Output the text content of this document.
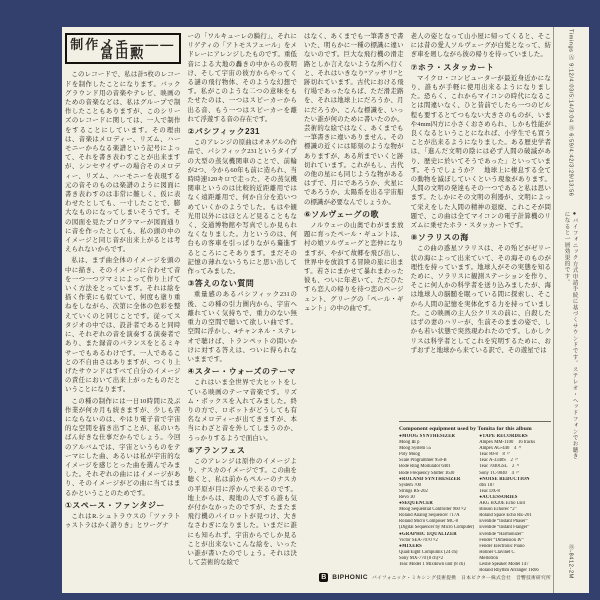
制作メモ———冨田勲

このレコードで、私は計5枚のレコードを制作したことになります。バックグラウンド用の音楽やテレビ、映画のための音楽などは、私はグループで制作したこともありますが、このシリーズのレコードに関しては、一人で制作をすることにしています。その理由は、音楽はメロディー、リズム、ハーモニーからなる楽譜という記号によって、それを書き表わすことが出来ますが、シンセサイザーの場合そのメロディー、リズム、ハーモニーを表現する元の音そのものは楽譜のように図面に書き表わすのは非常に難しく、仮に表わせたとしても、一寸したことで、膨大なものになってしまいそうです。その図面を見たプログラマーが図面通りに音を作ったとしても、私の頭の中のイメージと同じ音が出来上がるとは考えられないからです。

私は、まず曲全体のイメージを頭の中に描き、そのイメージに合わせて音を一つ一つツマミによって作り上げていく方法をとっています。それは絵を描く作業にも似ていて、何度も塗り重ねをしながら、次第に全体の色彩を整えていくのと同じことです。従ってスタジオの中では、設計者であると同時に、それぞれの音を演奏する演奏者であり、また録音のバランスをとるミキサーでもあるわけです。一人であることの不自由さはありますが、つくり上げたサウンドはすべて自分のイメージの責任において出来上がったものだということになります。

この種の制作には一日10時間に及ぶ作業が何カ月も続きますが、少しも苦にならないのは、やはり電子音で宇宙的な空間を描き出すことが、私のいちばん好きな仕事だからでしょう。今回のアルバムでは、宇宙というものをテーマにした曲、あるいは私が宇宙的なイメージを感じとった曲を選んでみました。それぞれの曲にはイメージがあり、そのイメージがどの曲に当てはまるかということのためです。

①スペース・ファンタジー

これはR.シュトラウスの「ツァラトゥストラはかく語りき」とワーグナ

ーの「ワルキューレの騎行」、それにリゲティの「アトモスフェール」をメドレーにアレンジしたものです。重低音による大地の轟きの中からの夜明け、そして宇宙の彼方からやってくる謎の飛行物体、そのような幻想です。私がこのような二つの意味をもたせたのは、一つはスピーカーから出る音、もう一つはスピーカーを離れて浮遊する音の存在です。

②パシフィック231

このアレンジの原曲はオネゲルの作品で、パシフィック231というタイプの大型の蒸気機関車のことで、前輪が2つ、今から60年も前に造られ、当時時速120キロで走った、その蒸気機関車というのは比較的近距離用ではなく遠距離用で、何か自分を追いつめていくかのようでした。もはや観光用以外にはほとんど見ることもなく、交通博物館や写真でしか見られなくなりました。力というのは、何台もの客車を引っぱりながら驀進するところにこそあります。まだその記憶の薄れないうちにと思い出して作ってみました。

③答えのない質問

重量感のあるパシフィック231の後、この種の引力圏内から、宇宙へ離れていく気持ちで、重力のない無重力の空間で聴いて欲しい曲です。空間に浮かし、4チャンネル・ステレオで聴けば、トランペットの問いかけに対する答えは、ついに得られないままです。

④スター・ウォーズのテーマ

これはいま全世界で大ヒットをしている映画のテーマ音楽です。リズム・ボックスを入れてみました。終りの方で、ロボットがどうしても有名なメロディーが出てきますが、本当にわざと音を外してしまうのか、うっかりするようで面白い。

⑤アランフェス

このアレンジは原作のイメージより、ナスカのイメージです。この曲を聴くと、私は前からペルーのナスカの平原が目に浮かんで来るのです。地上からは、現地の人ですら誰も気が付かなかったのですが、たまたま飛行機のパイロットが見つけ、大きなさわぎになりました。いまだに誰にも知られず、宇宙からでしか見ることが出来ないこんな絵を、いったい誰が書いたのでしょう。それは決して芸術的な絵で

はなく、あくまでも一筆書きで書いた、明らかに一種の標識に違いないのです。巨大な飛行機の滑走路としか言えないような所へ行くと、それはいきなり“アッサリ”と跡切れています。古代における飛行場であったならば、ただ滑走路を、それは地球上にだろうか、月にだろうか、こんな標識を、いったい誰が何のために書いたのか。芸術的な絵ではなく、あくまでも一筆書きに違いありません。その標識の近くには彫刻のような物がありますが、ある所までいくと跡切れています。これがもし、古代の他の星にも同じような物があるはずで、月にであろうか、火星にであろうか、太陽系を出る宇宙船の標識が必要なんでしょうか。

⑥ソルヴェーグの歌

ノルウェーの山奥でわがまま放題に育ったペール・ギュントは、村の娘ソルヴェーグと恋仲になりますが、やがて故郷を飛び出し、世界中を放浪する冒険の旅に出ます。若さにまかせて暴れまわった彼も、ついに年老いて、ただひたすら恋人の帰りを待つ恋のページェント、グリーグの「ペール・ギュント」の中の曲です。

老人の姿となって山小屋に帰ってくると、そこには昔の愛人ソルヴェーグが白髪となって、紡ぎ車を廻しながら彼の帰りを待っていました。

⑦ホラ・スタッカート

マイクロ・コンピューターが最近身近かになり、誰もが手軽に使用出来るようになりました。恐らく、これからマイコンの時代になることは間違いなく、ひと昔前でしたら一つのビル程も要するとてつもない大きさのものが、いまや4mm四方に小さくおさめられ、しかも性能が良くなるということになれば、小学生でも買うことが出来るようになりました。ある歴史学者は、「進んだ文明の陰には必ず人間の破滅があり、歴史に於いてそうであった」といっています。そうでしょうか？　地球上に棲息する全ての動物を滅ぼしていくという現象があります。人間の文明の発達もその一つであると私は思います。たしかにその文明の利器が、文明によって栄えをした人間の精神の退廃、これこそが問題で、この曲は全てマイコンの電子計算機のリズムに乗せたホラ・スタッカートです。

⑧ソラリスの海

この曲の惑星ソラリスは、その殆どがゼリー状の海によって出来ていて、その海そのものが理性を持っています。地球人がその実態を知るために、ソラリスに観測ステーションを作り、そこに何人かの科学者を送り込みましたが、海は地球人の脳髄を眠っている間に探索し、そこから人間の記憶を実体化する力を持っていました。この映画の主人公クリスの前に、自殺したはずの妻のハリーが、生前そのままの姿で、しかも若い状態で突然現われたのです。しかしクリスは科学者としてこれを究明するために、おずおずと地球から来ている訳で、その遊星では

Component equipment used by Tomita for this album
●MOOG SYNTHESIZER
Moog Ⅲ p
Moog System 55
Poly Moog
Scale Programmer 950-B
Bode Ring Modulator 6401
Bode Frequency Shifter 1630
●ROLAND SYNTHESIZER
System 700
Strings RS-202
Revo 30
●SEQUENCER
Moog Sequential Controller 960 ×2
Roland Analog Sequencer 717A
Roland Micro Composer MC-8
(Digital Sequencer by Micro Computer)
●GRAPHIC EQUALIZER
Victor SEA-7070 ×2
●MIXERS
Quad/Eight Compumix (24 ch)
Sony MX-770 (8 ch)×2
Teac Model 1 Mixdown unit (8 ch)
●TAPE RECORDERS
Ampex MM-1100　16 tracks
Ampex AG-440　4 〃
Teac 80-8　8 〃
Teac A-3340S　2 〃
Teac 7040GSL　2 〃
Sony TC-9040　4 〃
●NOISE REDUCTION
dbx 187
Teac DX-8
●ACCESSORIES
AKG BX20E Echo Unit
Binson Echorec “2”
Roland Space Echo RE-201
Eventide “Instant Phaser”
Eventide “Instant Flanger”
Eventide “Harmonizer”
Fender “Dimension Ⅳ”
Fender Electronic Piano
Hohner Clavinet C
Mellotron
Leslie Speaker Model 147
Roland Rhythm Arranger TR66
B BIPHONIC バイフォニック・ミキシング技術提携　日本ビクター株式会社　音響技術研究所
Timings Ⓐ 9:12/4:03/5:14/3:04 Ⓑ 6:59/4:42/3:29/13:56
●バイフォニック方式申請手続に基づくサウンドです。ステレオ・ヘッドフォンでお聴きになると一層効果的です。
Ⓑ-8412-2M
